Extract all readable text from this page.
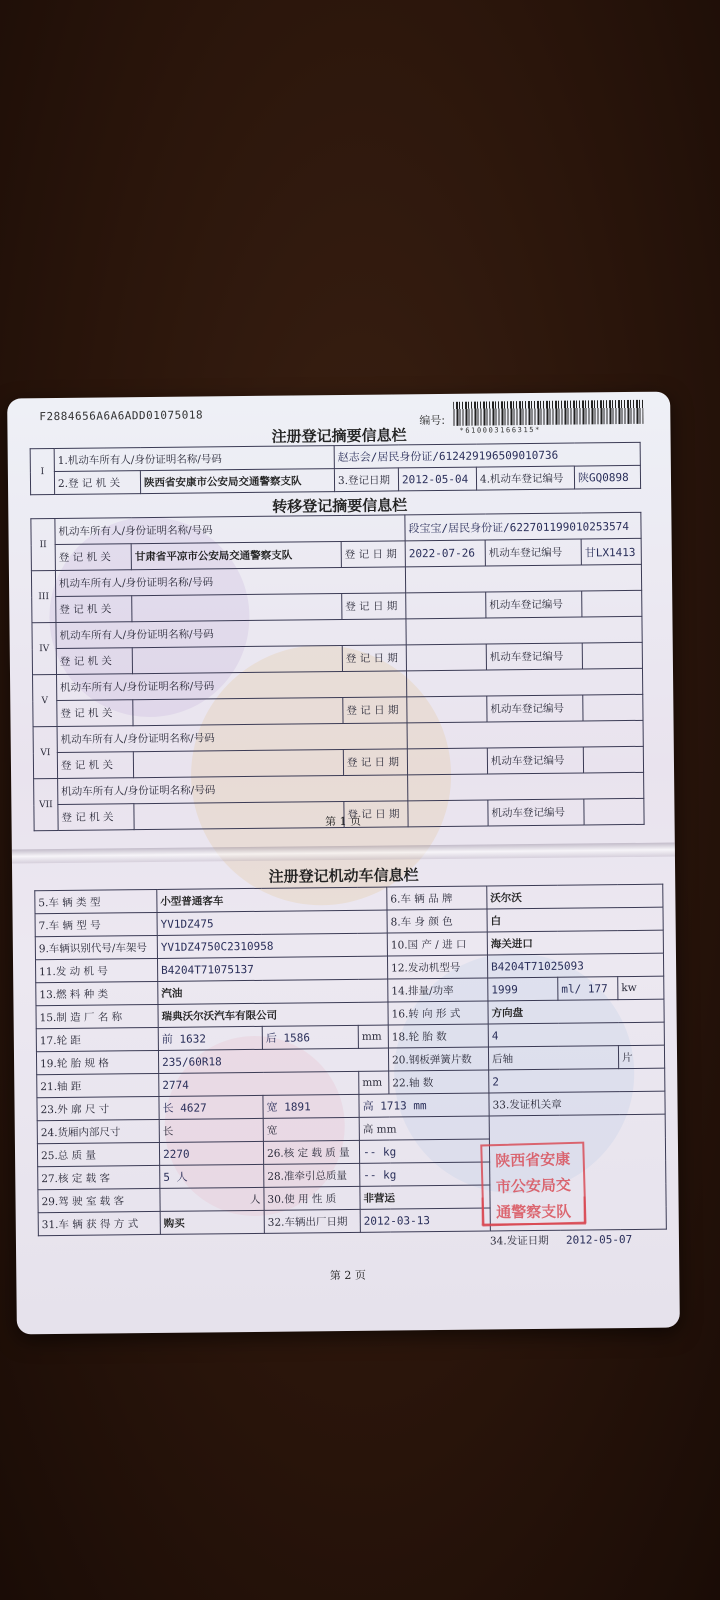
F2884656A6A6ADD01075018	编号:
*610003166315*
注册登记摘要信息栏
I	1.机动车所有人/身份证明名称/号码		赵志会/居民身份证/612429196509010736			
	2.登 记 机 关	陕西省安康市公安局交通警察支队	3.登记日期	2012-05-04	4.机动车登记编号	陕GQ0898
转移登记摘要信息栏
II	机动车所有人/身份证明名称/号码			段宝宝/居民身份证/622701199010253574		
	登 记 机 关	甘肃省平凉市公安局交通警察支队	登 记 日 期	2022-07-26	机动车登记编号	甘LX1413
III	机动车所有人/身份证明名称/号码					
	登 记 机 关		登 记 日 期		机动车登记编号	
IV	机动车所有人/身份证明名称/号码					
	登 记 机 关		登 记 日 期		机动车登记编号	
V	机动车所有人/身份证明名称/号码					
	登 记 机 关		登 记 日 期		机动车登记编号	
VI	机动车所有人/身份证明名称/号码					
	登 记 机 关		登 记 日 期		机动车登记编号	
VII	机动车所有人/身份证明名称/号码					
	登 记 机 关		登 记 日 期		机动车登记编号	
第 1 页
注册登记机动车信息栏
5.车 辆 类 型	小型普通客车			6.车 辆 品 牌	沃尔沃		
7.车 辆 型 号	YV1DZ475			8.车 身 颜 色	白		
9.车辆识别代号/车架号	YV1DZ4750C2310958			10.国 产 / 进 口	海关进口		
11.发 动 机 号	B4204T71075137			12.发动机型号	B4204T71025093		
13.燃 料 种 类	汽油			14.排量/功率	1999	ml/ 177	kw
15.制 造 厂 名 称	瑞典沃尔沃汽车有限公司			16.转 向 形 式	方向盘		
17.轮 距	前 1632	后 1586	mm	18.轮 胎 数	4		
19.轮 胎 规 格	235/60R18			20.钢板弹簧片数	后轴		片
21.轴 距	2774		mm	22.轴 数	2		
23.外 廓 尺 寸	长 4627	宽 1891	高 1713 mm		33.发证机关章		
24.货厢内部尺寸	长	宽	高 mm				
25.总 质 量	2270	26.核 定 载 质 量	-- kg				
27.核 定 载 客	5 人	28.准牵引总质量	-- kg				
29.驾 驶 室 载 客	人	30.使 用 性 质	非营运				
31.车 辆 获 得 方 式	购买	32.车辆出厂日期	2012-03-13				
陕西省安康
市公安局交
通警察支队
34.发证日期 2012-05-07
第 2 页
